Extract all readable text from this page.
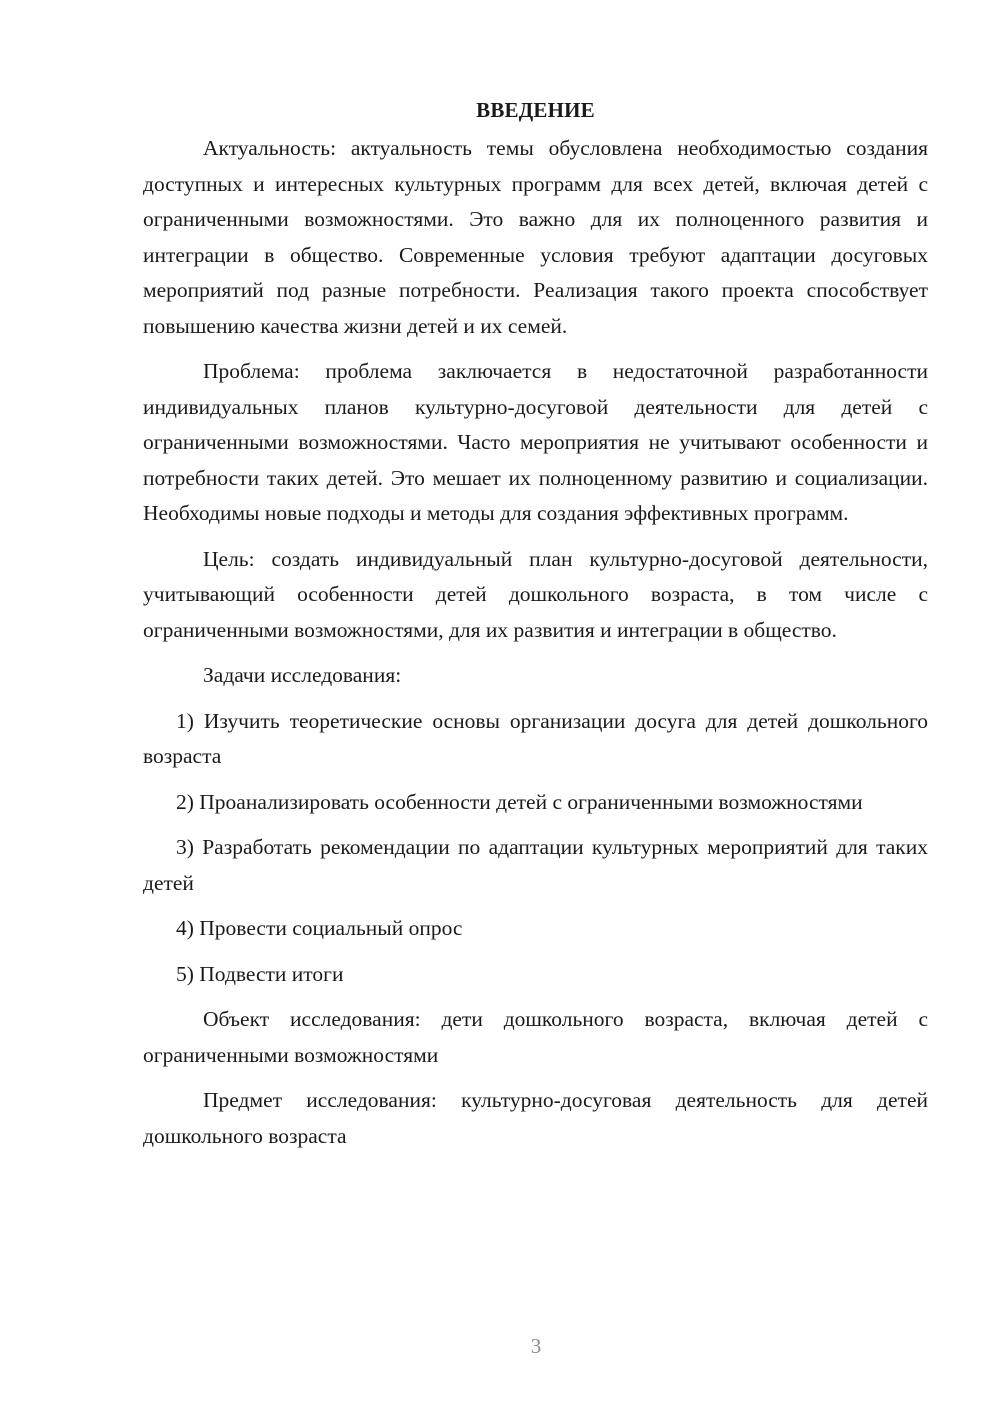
ВВЕДЕНИЕ

Актуальность: актуальность темы обусловлена необходимостью создания доступных и интересных культурных программ для всех детей, включая детей с ограниченными возможностями. Это важно для их полноценного развития и интеграции в общество. Современные условия требуют адаптации досуговых мероприятий под разные потребности. Реализация такого проекта способствует повышению качества жизни детей и их семей.

Проблема: проблема заключается в недостаточной разработанности индивидуальных планов культурно-досуговой деятельности для детей с ограниченными возможностями. Часто мероприятия не учитывают особенности и потребности таких детей. Это мешает их полноценному развитию и социализации. Необходимы новые подходы и методы для создания эффективных программ.

Цель: создать индивидуальный план культурно-досуговой деятельности, учитывающий особенности детей дошкольного возраста, в том числе с ограниченными возможностями, для их развития и интеграции в общество.

Задачи исследования:

1) Изучить теоретические основы организации досуга для детей дошкольного возраста

2) Проанализировать особенности детей с ограниченными возможностями

3) Разработать рекомендации по адаптации культурных мероприятий для таких детей

4) Провести социальный опрос

5) Подвести итоги

Объект исследования: дети дошкольного возраста, включая детей с ограниченными возможностями

Предмет исследования: культурно-досуговая деятельность для детей дошкольного возраста

3
